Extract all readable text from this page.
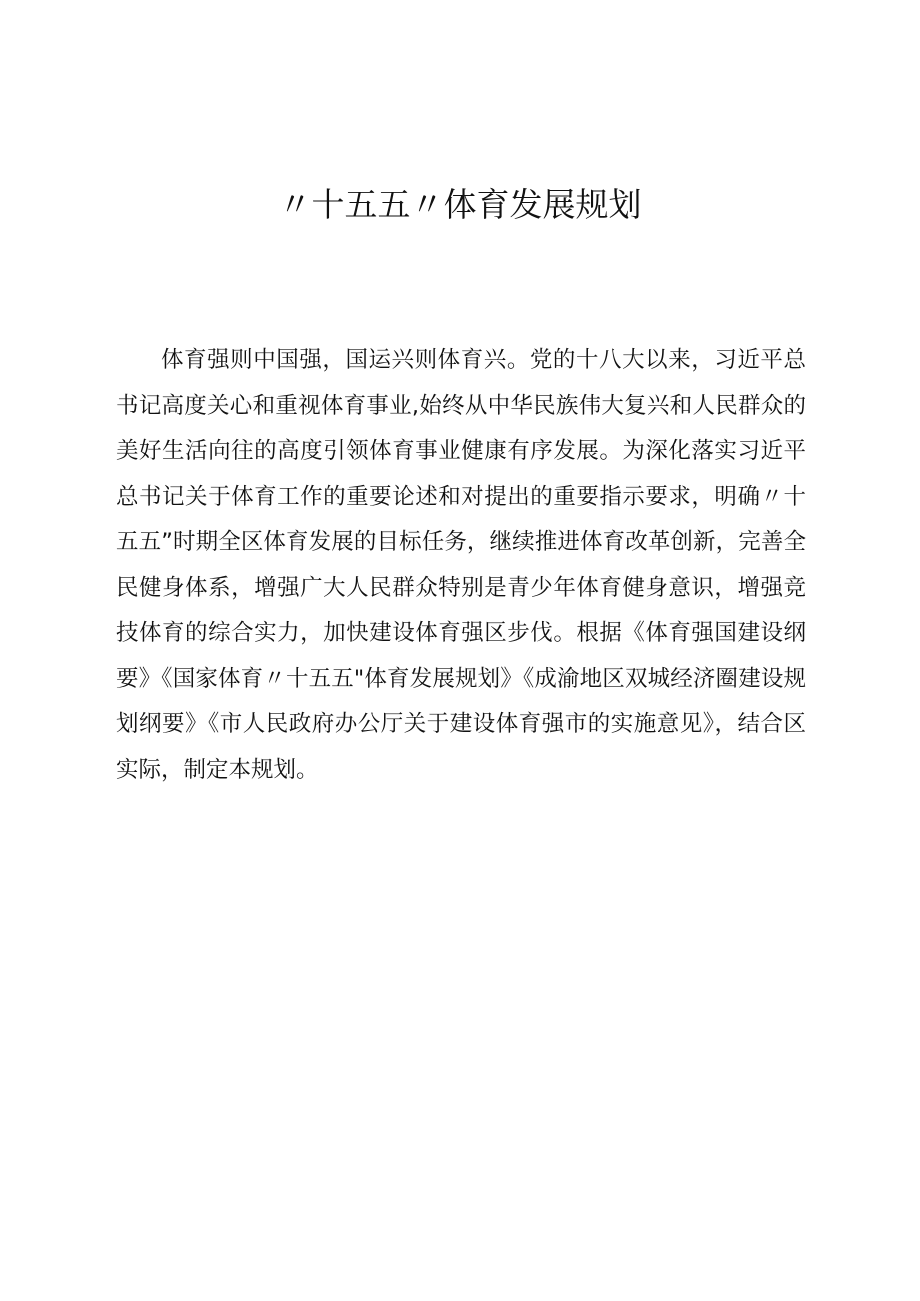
〃十五五〃体育发展规划

体育强则中国强，国运兴则体育兴。党的十八大以来，习近平总书记高度关心和重视体育事业,始终从中华民族伟大复兴和人民群众的美好生活向往的高度引领体育事业健康有序发展。为深化落实习近平总书记关于体育工作的重要论述和对提出的重要指示要求，明确〃十五五”时期全区体育发展的目标任务，继续推进体育改革创新，完善全民健身体系，增强广大人民群众特别是青少年体育健身意识，增强竞技体育的综合实力，加快建设体育强区步伐。根据《体育强国建设纲要》《国家体育〃十五五"体育发展规划》《成渝地区双城经济圈建设规划纲要》《市人民政府办公厅关于建设体育强市的实施意见》，结合区实际，制定本规划。
